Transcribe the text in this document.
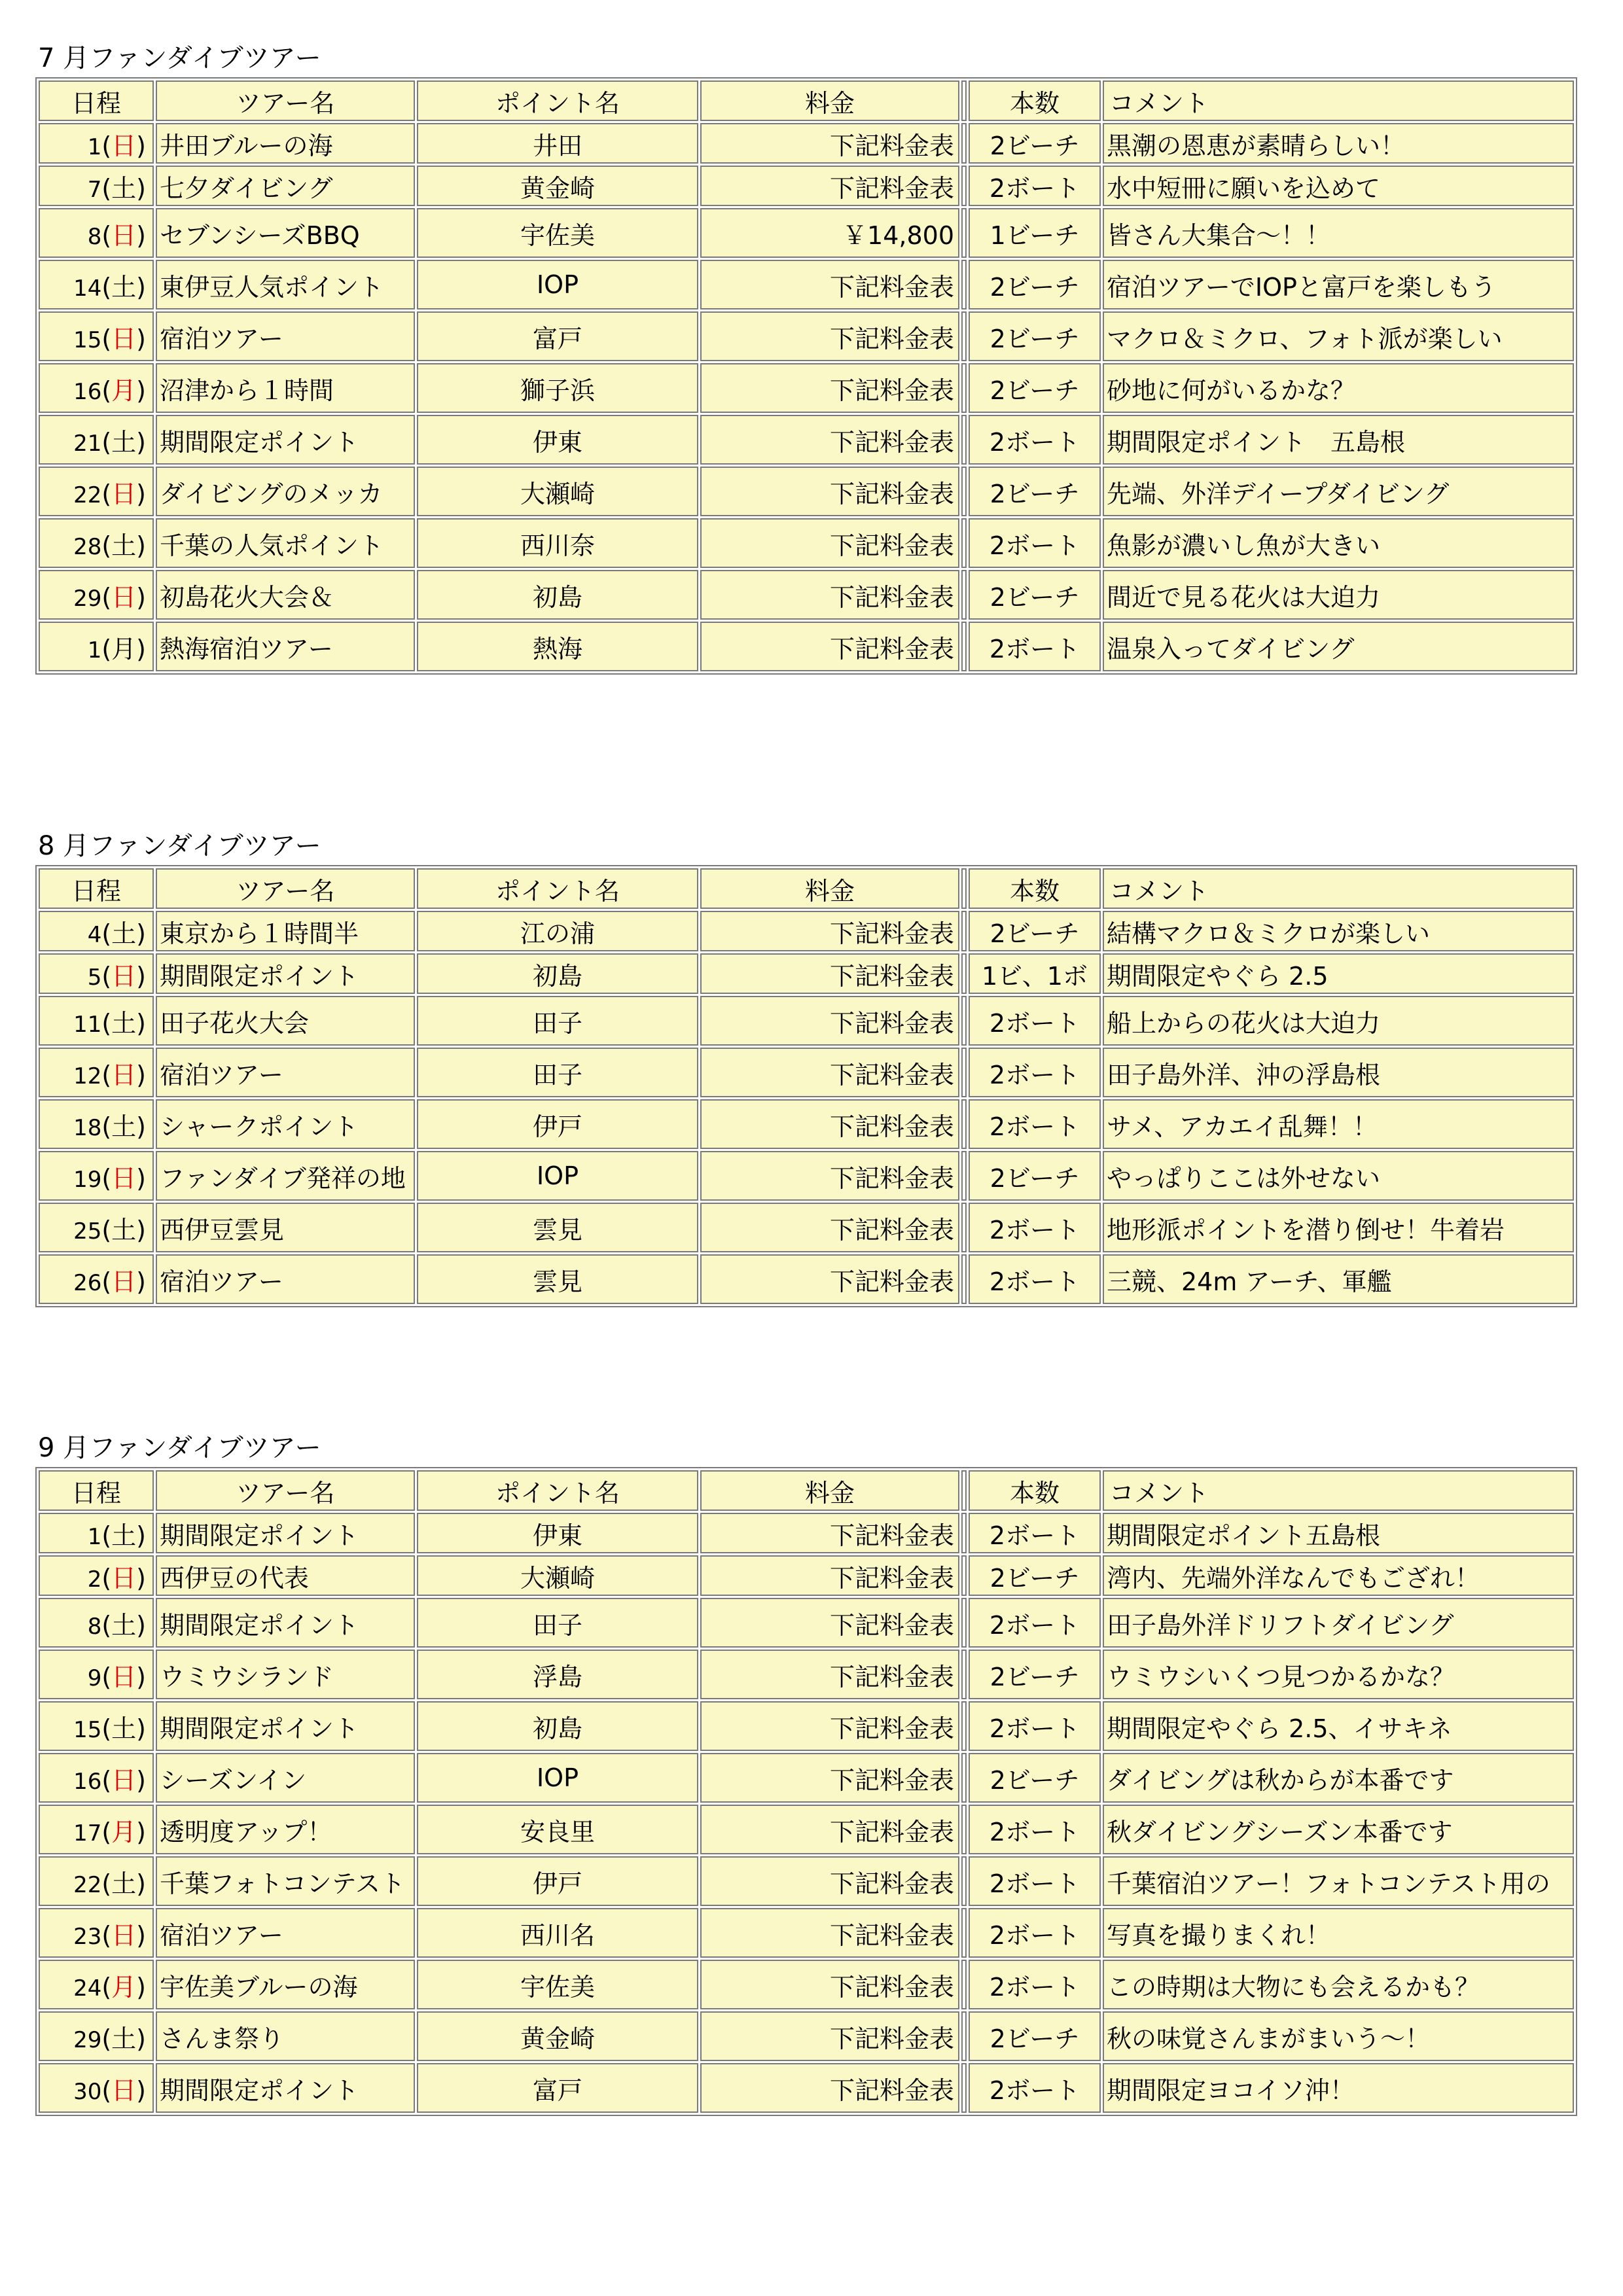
7 月ファンダイブツアー
日程	ツアー名	ポイント名	料金		本数	コメント
1(日)	井田ブルーの海	井田	下記料金表		2ビーチ	黒潮の恩恵が素晴らしい！
7(土)	七夕ダイビング	黄金崎	下記料金表		2ボート	水中短冊に願いを込めて
8(日)	セブンシーズBBQ	宇佐美	￥14,800		1ビーチ	皆さん大集合～！！
14(土)	東伊豆人気ポイント	IOP	下記料金表		2ビーチ	宿泊ツアーでIOPと富戸を楽しもう
15(日)	宿泊ツアー	富戸	下記料金表		2ビーチ	マクロ＆ミクロ、フォト派が楽しい
16(月)	沼津から１時間	獅子浜	下記料金表		2ビーチ	砂地に何がいるかな？
21(土)	期間限定ポイント	伊東	下記料金表		2ボート	期間限定ポイント　五島根
22(日)	ダイビングのメッカ	大瀬崎	下記料金表		2ビーチ	先端、外洋デイープダイビング
28(土)	千葉の人気ポイント	西川奈	下記料金表		2ボート	魚影が濃いし魚が大きい
29(日)	初島花火大会＆	初島	下記料金表		2ビーチ	間近で見る花火は大迫力
1(月)	熱海宿泊ツアー	熱海	下記料金表		2ボート	温泉入ってダイビング
8 月ファンダイブツアー
日程	ツアー名	ポイント名	料金		本数	コメント
4(土)	東京から１時間半	江の浦	下記料金表		2ビーチ	結構マクロ＆ミクロが楽しい
5(日)	期間限定ポイント	初島	下記料金表		1ビ、1ボ	期間限定やぐら 2.5
11(土)	田子花火大会	田子	下記料金表		2ボート	船上からの花火は大迫力
12(日)	宿泊ツアー	田子	下記料金表		2ボート	田子島外洋、沖の浮島根
18(土)	シャークポイント	伊戸	下記料金表		2ボート	サメ、アカエイ乱舞！！
19(日)	ファンダイブ発祥の地	IOP	下記料金表		2ビーチ	やっぱりここは外せない
25(土)	西伊豆雲見	雲見	下記料金表		2ボート	地形派ポイントを潜り倒せ！牛着岩
26(日)	宿泊ツアー	雲見	下記料金表		2ボート	三競、24m アーチ、軍艦
9 月ファンダイブツアー
日程	ツアー名	ポイント名	料金		本数	コメント
1(土)	期間限定ポイント	伊東	下記料金表		2ボート	期間限定ポイント五島根
2(日)	西伊豆の代表	大瀬崎	下記料金表		2ビーチ	湾内、先端外洋なんでもござれ！
8(土)	期間限定ポイント	田子	下記料金表		2ボート	田子島外洋ドリフトダイビング
9(日)	ウミウシランド	浮島	下記料金表		2ビーチ	ウミウシいくつ見つかるかな？
15(土)	期間限定ポイント	初島	下記料金表		2ボート	期間限定やぐら 2.5、イサキネ
16(日)	シーズンイン	IOP	下記料金表		2ビーチ	ダイビングは秋からが本番です
17(月)	透明度アップ！	安良里	下記料金表		2ボート	秋ダイビングシーズン本番です
22(土)	千葉フォトコンテスト	伊戸	下記料金表		2ボート	千葉宿泊ツアー！フォトコンテスト用の
23(日)	宿泊ツアー	西川名	下記料金表		2ボート	写真を撮りまくれ！
24(月)	宇佐美ブルーの海	宇佐美	下記料金表		2ボート	この時期は大物にも会えるかも？
29(土)	さんま祭り	黄金崎	下記料金表		2ビーチ	秋の味覚さんまがまいう～！
30(日)	期間限定ポイント	富戸	下記料金表		2ボート	期間限定ヨコイソ沖！
